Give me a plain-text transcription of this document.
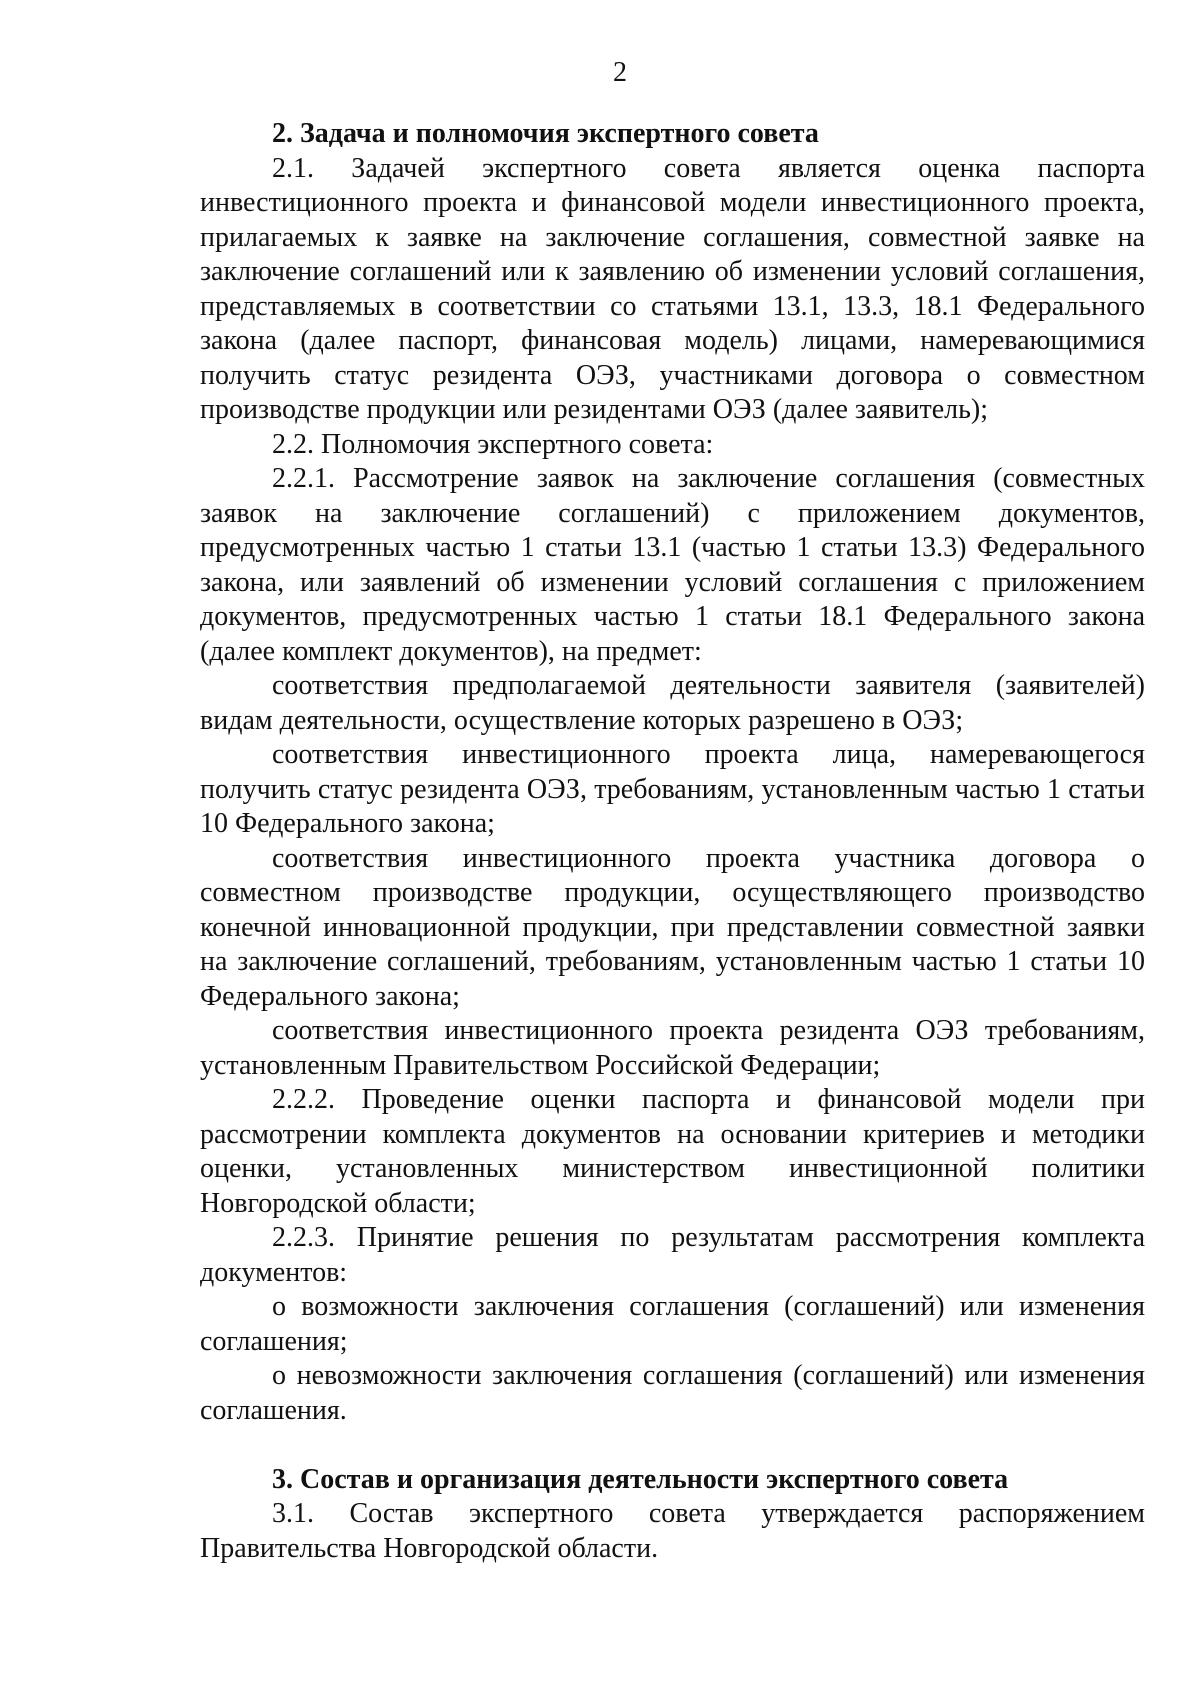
2

2. Задача и полномочия экспертного совета

2.1. Задачей экспертного совета является оценка паспорта инвестиционного проекта и финансовой модели инвестиционного проекта, прилагаемых к заявке на заключение соглашения, совместной заявке на заключение соглашений или к заявлению об изменении условий соглашения, представляемых в соответствии со статьями 13.1, 13.3, 18.1 Федерального закона (далее паспорт, финансовая модель) лицами, намеревающимися получить статус резидента ОЭЗ, участниками договора о совместном производстве продукции или резидентами ОЭЗ (далее заявитель);

2.2. Полномочия экспертного совета:

2.2.1. Рассмотрение заявок на заключение соглашения (совместных заявок на заключение соглашений) с приложением документов, предусмотренных частью 1 статьи 13.1 (частью 1 статьи 13.3) Федерального закона, или заявлений об изменении условий соглашения с приложением документов, предусмотренных частью 1 статьи 18.1 Федерального закона (далее комплект документов), на предмет:

соответствия предполагаемой деятельности заявителя (заявителей) видам деятельности, осуществление которых разрешено в ОЭЗ;

соответствия инвестиционного проекта лица, намеревающегося получить статус резидента ОЭЗ, требованиям, установленным частью 1 статьи 10 Федерального закона;

соответствия инвестиционного проекта участника договора о совместном производстве продукции, осуществляющего производство конечной инновационной продукции, при представлении совместной заявки на заключение соглашений, требованиям, установленным частью 1 статьи 10 Федерального закона;

соответствия инвестиционного проекта резидента ОЭЗ требованиям, установленным Правительством Российской Федерации;

2.2.2. Проведение оценки паспорта и финансовой модели при рассмотрении комплекта документов на основании критериев и методики оценки, установленных министерством инвестиционной политики Новгородской области;

2.2.3. Принятие решения по результатам рассмотрения комплекта документов:

о возможности заключения соглашения (соглашений) или изменения соглашения;

о невозможности заключения соглашения (соглашений) или изменения соглашения.

3. Состав и организация деятельности экспертного совета

3.1. Состав экспертного совета утверждается распоряжением Правительства Новгородской области.
